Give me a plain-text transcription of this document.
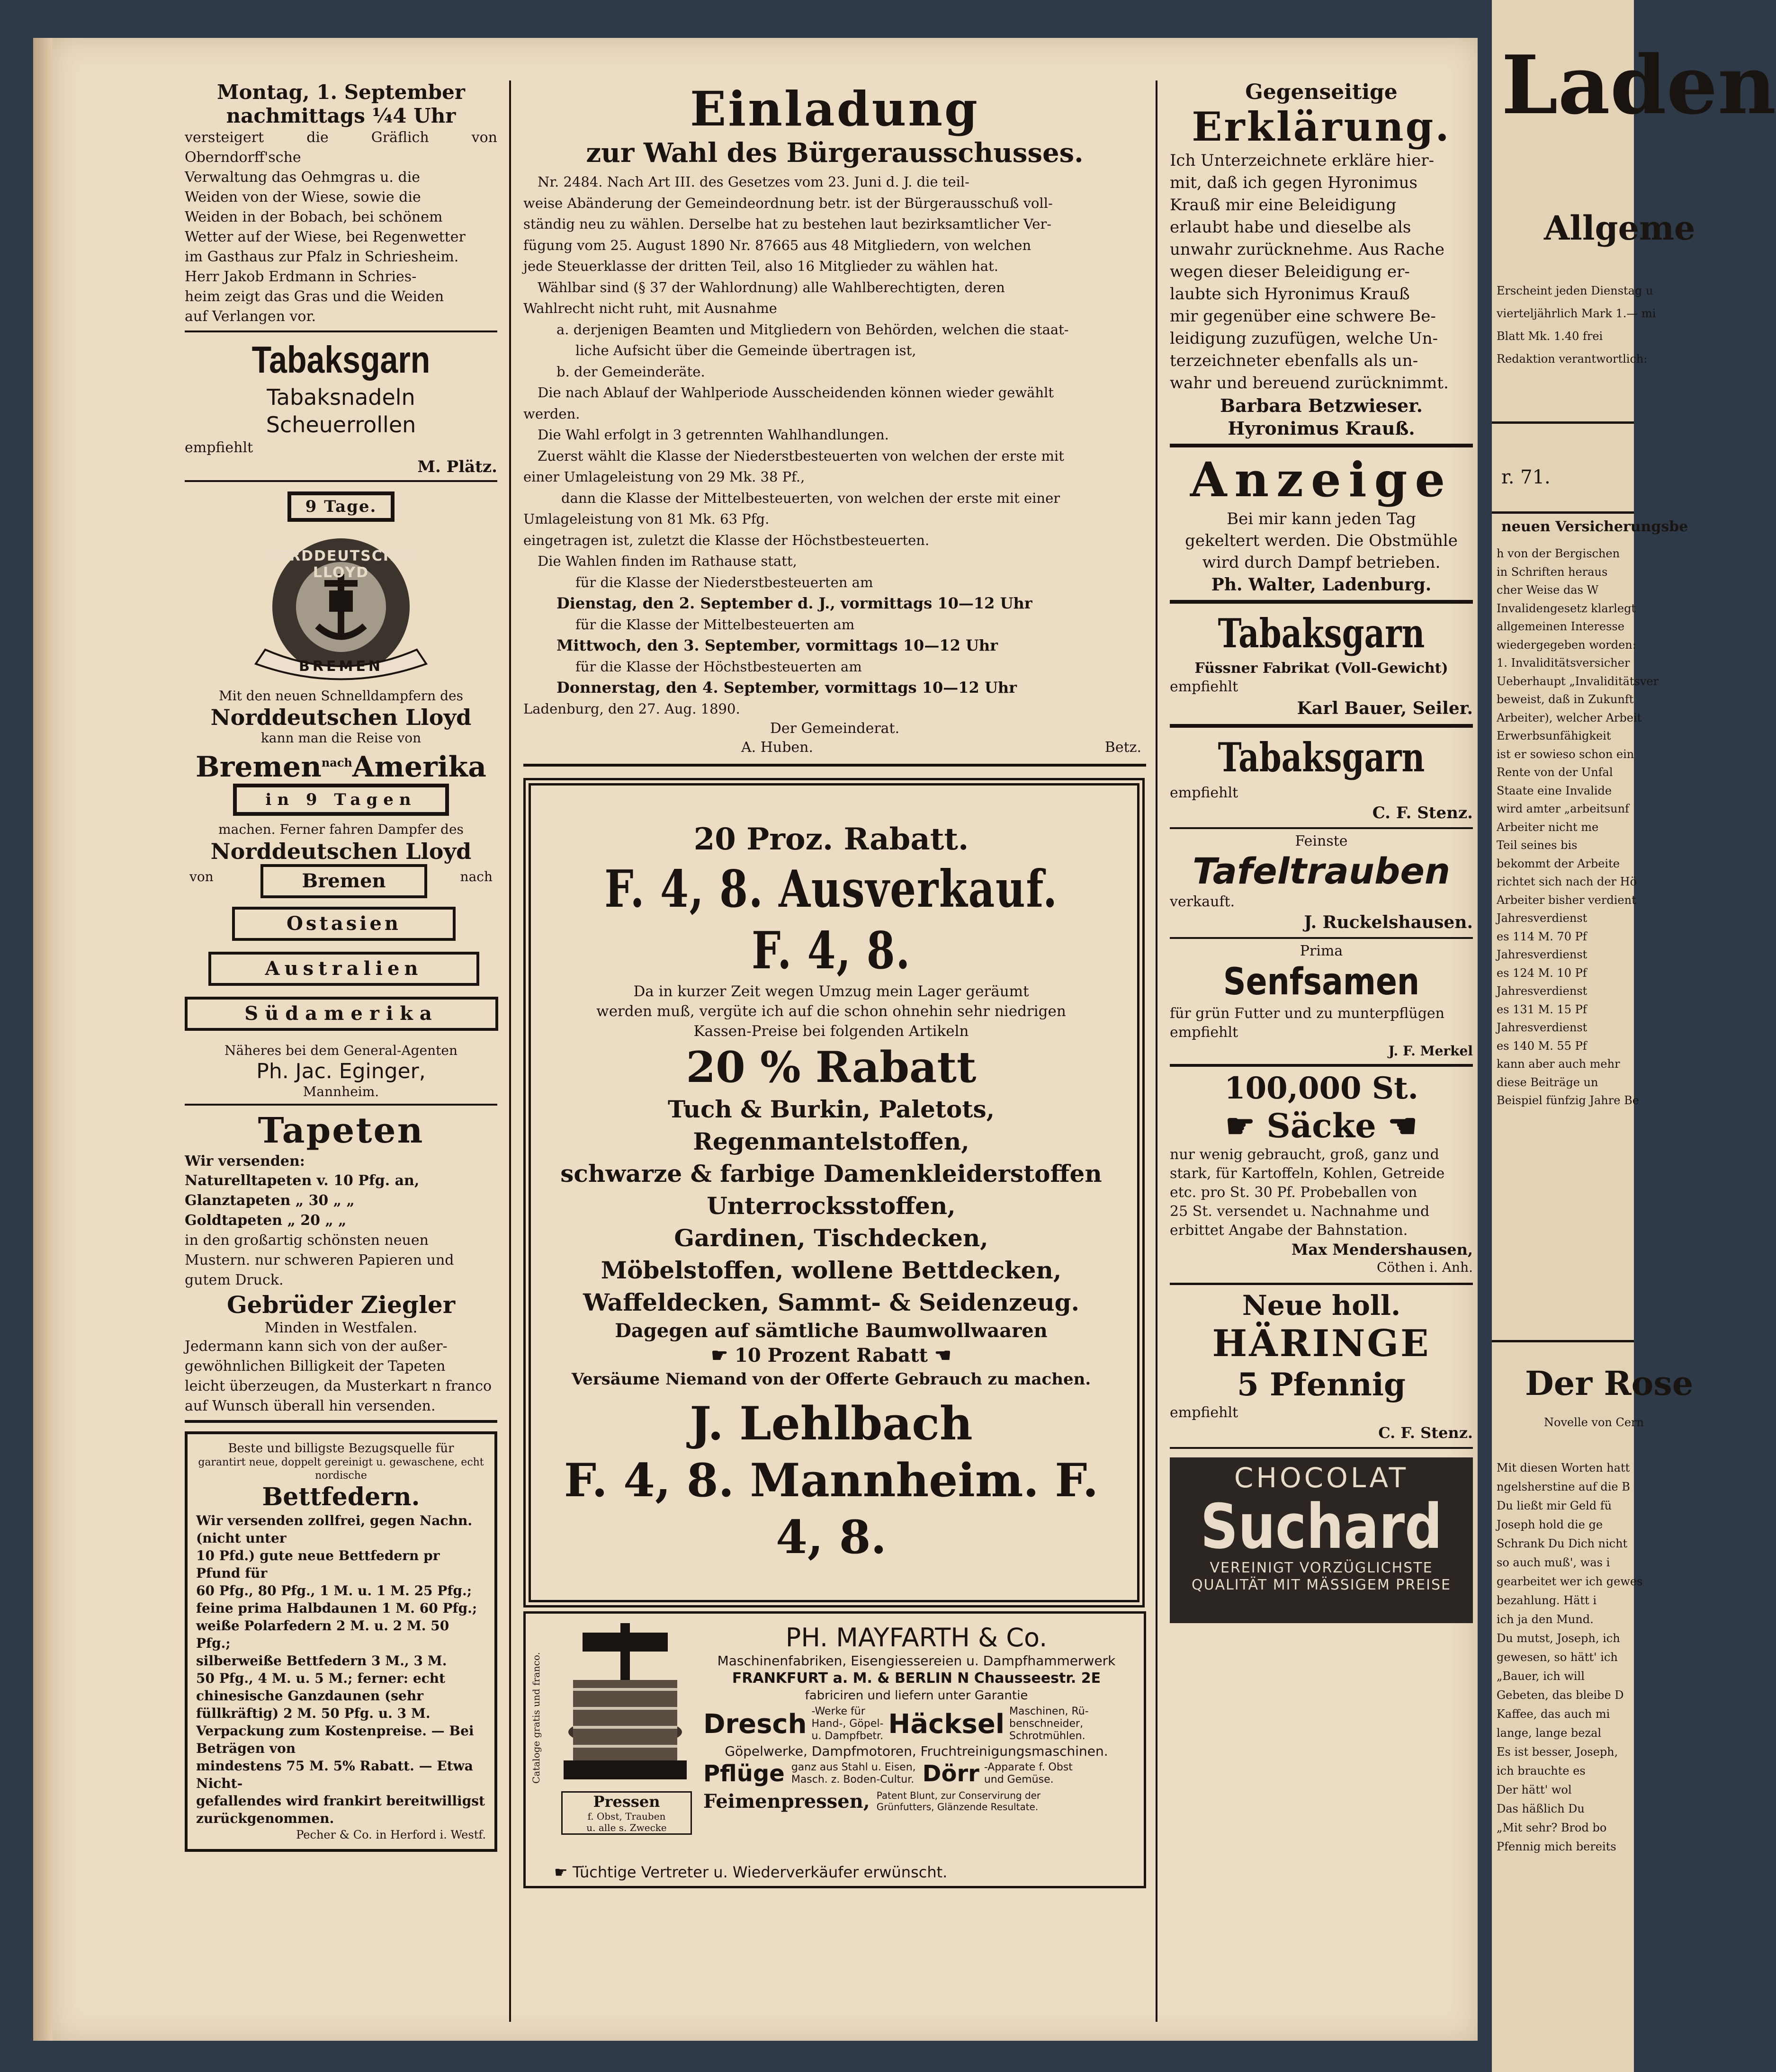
Montag, 1. September
nachmittags ¼4 Uhr
versteigert die Gräflich von Oberndorff'sche
Verwaltung das Oehmgras u. die
Weiden von der Wiese, sowie die
Weiden in der Bobach, bei schönem
Wetter auf der Wiese, bei Regenwetter
im Gasthaus zur Pfalz in Schriesheim.
Herr Jakob Erdmann in Schries-
heim zeigt das Gras und die Weiden
auf Verlangen vor.
Tabaksgarn
Tabaksnadeln
Scheuerrollen
empfiehlt
M. Plätz.
9 Tage.
NORDDEUTSCHER LLOYD
BREMEN
Mit den neuen Schnelldampfern des
Norddeutschen Lloyd
kann man die Reise von
Bremen$^{nach}$Amerika
in 9 Tagen
machen. Ferner fahren Dampfer des
Norddeutschen Lloyd
von	nach
Bremen
Ostasien
Australien
Südamerika
Näheres bei dem General-Agenten
Ph. Jac. Eginger,
Mannheim.
Tapeten
Wir versenden:
Naturelltapeten v. 10 Pfg. an,
Glanztapeten „ 30 „ „
Goldtapeten „ 20 „ „
in den großartig schönsten neuen
Mustern. nur schweren Papieren und
gutem Druck.
Gebrüder Ziegler
Minden in Westfalen.
Jedermann kann sich von der außer-
gewöhnlichen Billigkeit der Tapeten
leicht überzeugen, da Musterkart n franco
auf Wunsch überall hin versenden.
Beste und billigste Bezugsquelle für
garantirt neue, doppelt gereinigt u. gewaschene, echt
nordische
Bettfedern.
Wir versenden zollfrei, gegen Nachn. (nicht unter
10 Pfd.) gute neue Bettfedern pr Pfund für
60 Pfg., 80 Pfg., 1 M. u. 1 M. 25 Pfg.;
feine prima Halbdaunen 1 M. 60 Pfg.;
weiße Polarfedern 2 M. u. 2 M. 50 Pfg.;
silberweiße Bettfedern 3 M., 3 M.
50 Pfg., 4 M. u. 5 M.; ferner: echt chinesische Ganzdaunen (sehr
füllkräftig) 2 M. 50 Pfg. u. 3 M.
Verpackung zum Kostenpreise. — Bei Beträgen von
mindestens 75 M. 5% Rabatt. — Etwa Nicht-
gefallendes wird frankirt bereitwilligst
zurückgenommen.
Pecher & Co. in Herford i. Westf.
Einladung
zur Wahl des Bürgerausschusses.
Nr. 2484. Nach Art III. des Gesetzes vom 23. Juni d. J. die teil-
weise Abänderung der Gemeindeordnung betr. ist der Bürgerausschuß voll-
ständig neu zu wählen. Derselbe hat zu bestehen laut bezirksamtlicher Ver-
fügung vom 25. August 1890 Nr. 87665 aus 48 Mitgliedern, von welchen
jede Steuerklasse der dritten Teil, also 16 Mitglieder zu wählen hat.
Wählbar sind (§ 37 der Wahlordnung) alle Wahlberechtigten, deren
Wahlrecht nicht ruht, mit Ausnahme
a. derjenigen Beamten und Mitgliedern von Behörden, welchen die staat-
liche Aufsicht über die Gemeinde übertragen ist,
b. der Gemeinderäte.
Die nach Ablauf der Wahlperiode Ausscheidenden können wieder gewählt
werden.
Die Wahl erfolgt in 3 getrennten Wahlhandlungen.
Zuerst wählt die Klasse der Niederstbesteuerten von welchen der erste mit
einer Umlageleistung von 29 Mk. 38 Pf.,
dann die Klasse der Mittelbesteuerten, von welchen der erste mit einer
Umlageleistung von 81 Mk. 63 Pfg.
eingetragen ist, zuletzt die Klasse der Höchstbesteuerten.
Die Wahlen finden im Rathause statt,
für die Klasse der Niederstbesteuerten am
Dienstag, den 2. September d. J., vormittags 10—12 Uhr
für die Klasse der Mittelbesteuerten am
Mittwoch, den 3. September, vormittags 10—12 Uhr
für die Klasse der Höchstbesteuerten am
Donnerstag, den 4. September, vormittags 10—12 Uhr
Ladenburg, den 27. Aug. 1890.
Der Gemeinderat.
A. Huben.	Betz.
20 Proz. Rabatt.
F. 4, 8. Ausverkauf. F. 4, 8.
Da in kurzer Zeit wegen Umzug mein Lager geräumt
werden muß, vergüte ich auf die schon ohnehin sehr niedrigen
Kassen-Preise bei folgenden Artikeln
20 % Rabatt
Tuch & Burkin, Paletots, Regenmantelstoffen,
schwarze & farbige Damenkleiderstoffen
Unterrocksstoffen,
Gardinen, Tischdecken,
Möbelstoffen, wollene Bettdecken,
Waffeldecken, Sammt- & Seidenzeug.
Dagegen auf sämtliche Baumwollwaaren
☛ 10 Prozent Rabatt ☚
Versäume Niemand von der Offerte Gebrauch zu machen.
J. Lehlbach
F. 4, 8. Mannheim. F. 4, 8.
Cataloge gratis und franco.
Pressen
f. Obst, Trauben
u. alle s. Zwecke
PH. MAYFARTH & Co.
Maschinenfabriken, Eisengiessereien u. Dampfhammerwerk
FRANKFURT a. M. & BERLIN N Chausseestr. 2E
fabriciren und liefern unter Garantie
Dresch -Werke für
Hand-, Göpel-
u. Dampfbetr. Häcksel Maschinen, Rü-
benschneider,
Schrotmühlen.
Göpelwerke, Dampfmotoren, Fruchtreinigungsmaschinen.
Pflüge ganz aus Stahl u. Eisen,
Masch. z. Boden-Cultur. Dörr -Apparate f. Obst
und Gemüse.
Feimenpressen, Patent Blunt, zur Conservirung der
Grünfutters, Glänzende Resultate.
☛ Tüchtige Vertreter u. Wiederverkäufer erwünscht.
Gegenseitige
Erklärung.
Ich Unterzeichnete erkläre hier-
mit, daß ich gegen Hyronimus
Krauß mir eine Beleidigung
erlaubt habe und dieselbe als
unwahr zurücknehme. Aus Rache
wegen dieser Beleidigung er-
laubte sich Hyronimus Krauß
mir gegenüber eine schwere Be-
leidigung zuzufügen, welche Un-
terzeichneter ebenfalls als un-
wahr und bereuend zurücknimmt.
Barbara Betzwieser.
Hyronimus Krauß.
Anzeige
Bei mir kann jeden Tag
gekeltert werden. Die Obstmühle
wird durch Dampf betrieben.
Ph. Walter, Ladenburg.
Tabaksgarn
Füssner Fabrikat (Voll-Gewicht)
empfiehlt
Karl Bauer, Seiler.
Tabaksgarn
empfiehlt
C. F. Stenz.
Feinste
Tafeltrauben
verkauft.
J. Ruckelshausen.
Prima
Senfsamen
für grün Futter und zu munterpflügen
empfiehlt
J. F. Merkel
100,000 St.
☛ Säcke ☚
nur wenig gebraucht, groß, ganz und
stark, für Kartoffeln, Kohlen, Getreide
etc. pro St. 30 Pf. Probeballen von
25 St. versendet u. Nachnahme und
erbittet Angabe der Bahnstation.
Max Mendershausen,
Cöthen i. Anh.
Neue holl.
HÄRINGE
5 Pfennig
empfiehlt
C. F. Stenz.
CHOCOLAT
Suchard
VEREINIGT VORZÜGLICHSTE
QUALITÄT MIT MÄSSIGEM PREISE
Laden
Allgeme
Erscheint jeden Dienstag u
vierteljährlich Mark 1.— mi
Blatt Mk. 1.40 frei
Redaktion verantwortlich:
r. 71.
neuen Versicherungsbe
h von der Bergischen
in Schriften heraus
cher Weise das W
Invalidengesetz klarlegt
allgemeinen Interesse
wiedergegeben worden:
1. Invaliditätsversicher
Ueberhaupt „Invaliditätsver
beweist, daß in Zukunft
Arbeiter), welcher Arbeit
Erwerbsunfähigkeit
ist er sowieso schon ein
Rente von der Unfal
Staate eine Invalide
wird amter „arbeitsunf
Arbeiter nicht me
Teil seines bis
bekommt der Arbeite
richtet sich nach der Hö
Arbeiter bisher verdient
Jahresverdienst
es 114 M. 70 Pf
Jahresverdienst
es 124 M. 10 Pf
Jahresverdienst
es 131 M. 15 Pf
Jahresverdienst
es 140 M. 55 Pf
kann aber auch mehr
diese Beiträge un
Beispiel fünfzig Jahre Be
Der Rose
Novelle von Cern
Mit diesen Worten hatt
ngelsherstine auf die B
Du ließt mir Geld fü
Joseph hold die ge
Schrank Du Dich nicht
so auch muß', was i
gearbeitet wer ich gewes
bezahlung. Hätt i
ich ja den Mund.
Du mutst, Joseph, ich
gewesen, so hätt' ich
„Bauer, ich will
Gebeten, das bleibe D
Kaffee, das auch mi
lange, lange bezal
Es ist besser, Joseph,
ich brauchte es
Der hätt' wol
Das häßlich Du
„Mit sehr? Brod bo
Pfennig mich bereits
